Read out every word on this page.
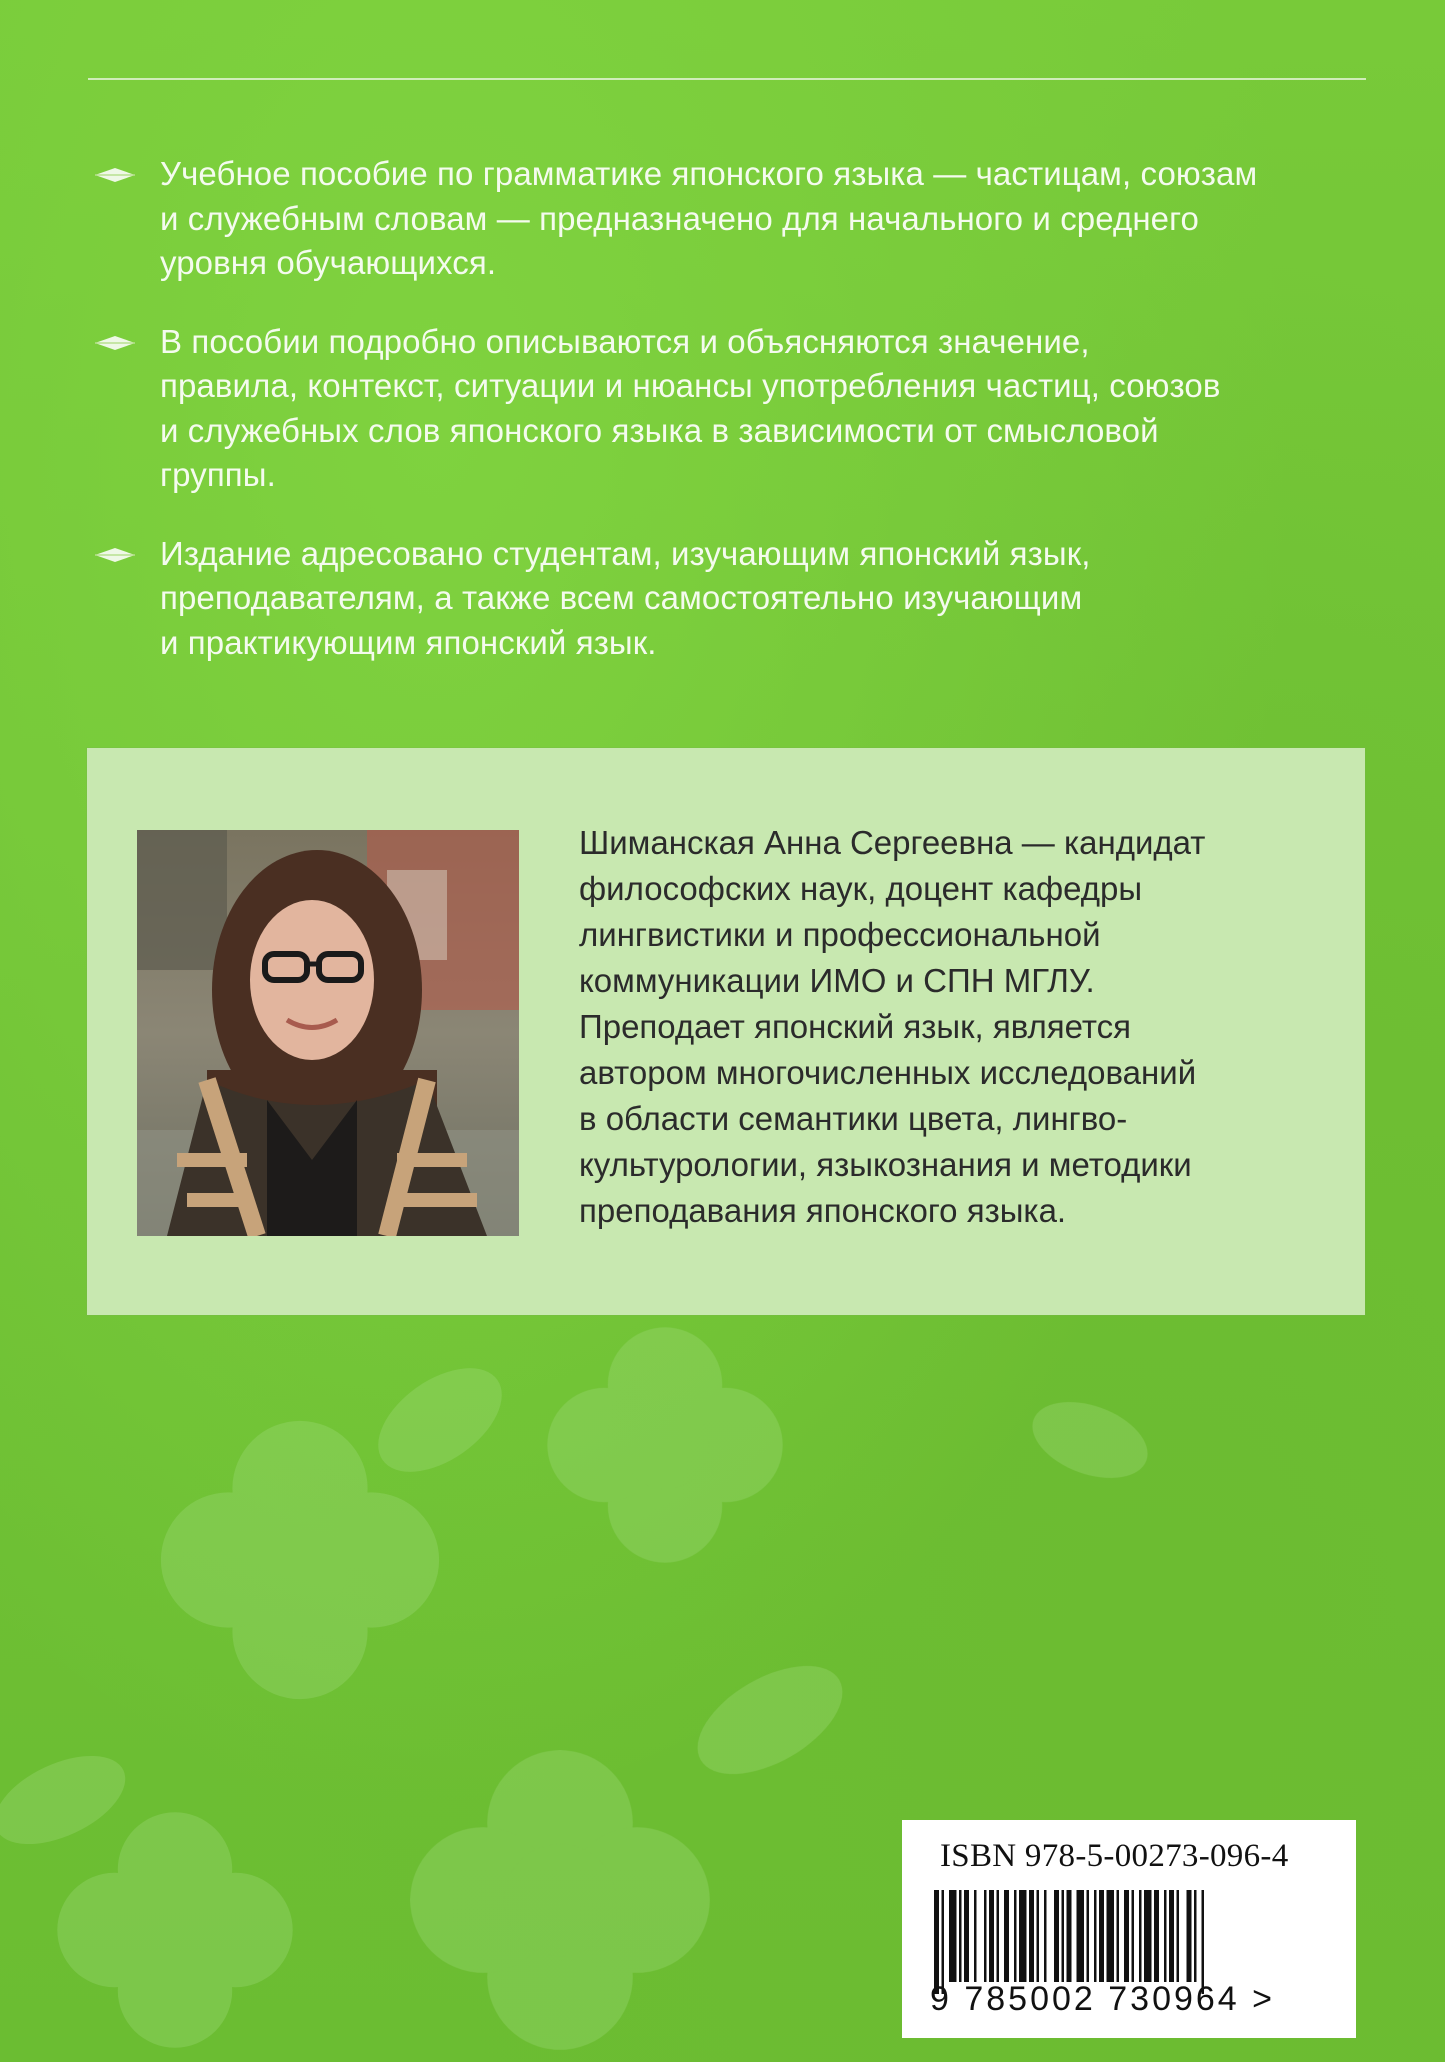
Учебное пособие по грамматике японского языка — частицам, союзам
и служебным словам — предназначено для начального и среднего
уровня обучающихся.

В пособии подробно описываются и объясняются значение,
правила, контекст, ситуации и нюансы употребления частиц, союзов
и служебных слов японского языка в зависимости от смысловой
группы.

Издание адресовано студентам, изучающим японский язык,
преподавателям, а также всем самостоятельно изучающим
и практикующим японский язык.

Шиманская Анна Сергеевна — кандидат
философских наук, доцент кафедры
лингвистики и профессиональной
коммуникации ИМО и СПН МГЛУ.
Преподает японский язык, является
автором многочисленных исследований
в области семантики цвета, лингво-
культурологии, языкознания и методики
преподавания японского языка.

ISBN 978-5-00273-096-4
9 785002 730964 >
